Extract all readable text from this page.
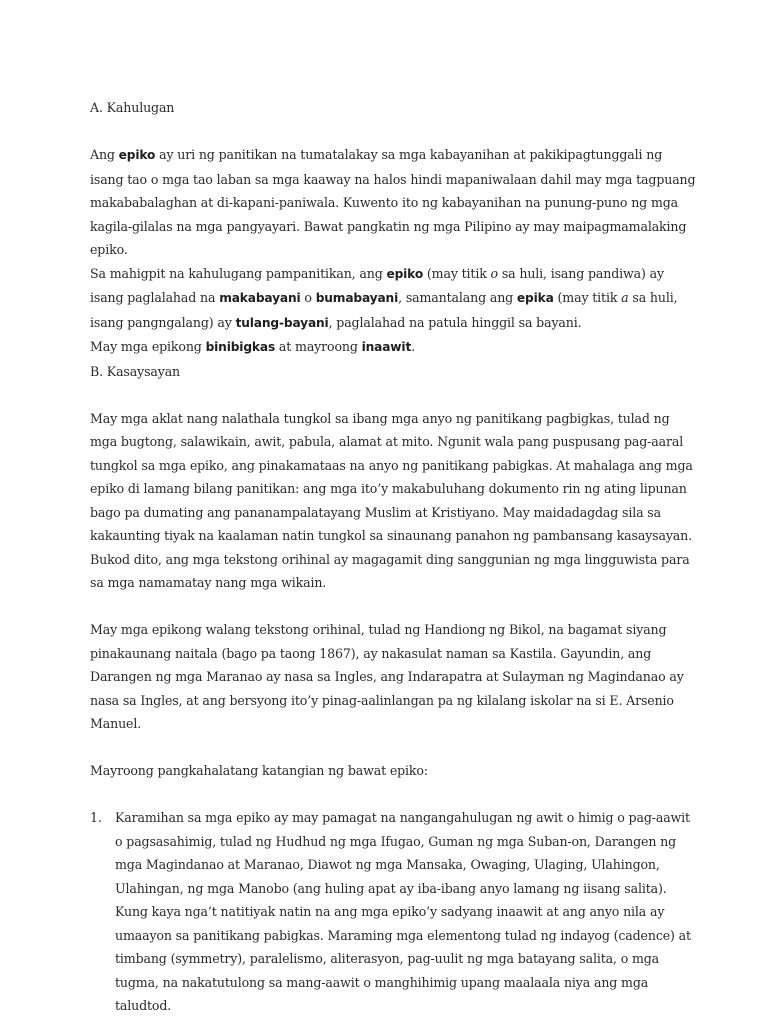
A. Kahulugan

Ang epiko ay uri ng panitikan na tumatalakay sa mga kabayanihan at pakikipagtunggali ng isang tao o mga tao laban sa mga kaaway na halos hindi mapaniwalaan dahil may mga tagpuang makababalaghan at di-kapani-paniwala. Kuwento ito ng kabayanihan na punung-puno ng mga kagila-gilalas na mga pangyayari. Bawat pangkatin ng mga Pilipino ay may maipagmamalaking epiko.

Sa mahigpit na kahulugang pampanitikan, ang epiko (may titik o sa huli, isang pandiwa) ay isang paglalahad na makabayani o bumabayani, samantalang ang epika (may titik a sa huli, isang pangngalang) ay tulang-bayani, paglalahad na patula hinggil sa bayani.

May mga epikong binibigkas at mayroong inaawit.

B. Kasaysayan

May mga aklat nang nalathala tungkol sa ibang mga anyo ng panitikang pagbigkas, tulad ng mga bugtong, salawikain, awit, pabula, alamat at mito. Ngunit wala pang puspusang pag-aaral tungkol sa mga epiko, ang pinakamataas na anyo ng panitikang pabigkas. At mahalaga ang mga epiko di lamang bilang panitikan: ang mga ito’y makabuluhang dokumento rin ng ating lipunan bago pa dumating ang pananampalatayang Muslim at Kristiyano. May maidadagdag sila sa kakaunting tiyak na kaalaman natin tungkol sa sinaunang panahon ng pambansang kasaysayan. Bukod dito, ang mga tekstong orihinal ay magagamit ding sanggunian ng mga lingguwista para sa mga namamatay nang mga wikain.

May mga epikong walang tekstong orihinal, tulad ng Handiong ng Bikol, na bagamat siyang pinakaunang naitala (bago pa taong 1867), ay nakasulat naman sa Kastila. Gayundin, ang Darangen ng mga Maranao ay nasa sa Ingles, ang Indarapatra at Sulayman ng Magindanao ay nasa sa Ingles, at ang bersyong ito’y pinag-aalinlangan pa ng kilalang iskolar na si E. Arsenio Manuel.

Mayroong pangkahalatang katangian ng bawat epiko:

1. Karamihan sa mga epiko ay may pamagat na nangangahulugan ng awit o himig o pag-aawit o pagsasahimig, tulad ng Hudhud ng mga Ifugao, Guman ng mga Suban-on, Darangen ng mga Magindanao at Maranao, Diawot ng mga Mansaka, Owaging, Ulaging, Ulahingon, Ulahingan, ng mga Manobo (ang huling apat ay iba-ibang anyo lamang ng iisang salita). Kung kaya nga’t natitiyak natin na ang mga epiko’y sadyang inaawit at ang anyo nila ay umaayon sa panitikang pabigkas. Maraming mga elementong tulad ng indayog (cadence) at timbang (symmetry), paralelismo, aliterasyon, pag-uulit ng mga batayang salita, o mga tugma, na nakatutulong sa mang-aawit o manghihimig upang maalaala niya ang mga taludtod.
